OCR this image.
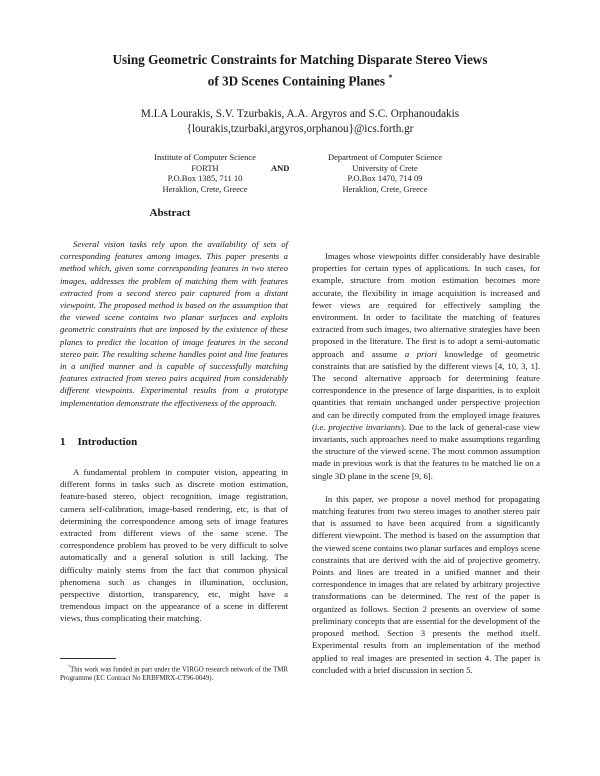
Using Geometric Constraints for Matching Disparate Stereo Views
of 3D Scenes Containing Planes *
M.I.A Lourakis, S.V. Tzurbakis, A.A. Argyros and S.C. Orphanoudakis
{lourakis,tzurbaki,argyros,orphanou}@ics.forth.gr
Institute of Computer Science
FORTH
P.O.Box 1385, 711 10
Heraklion, Crete, Greece
AND
Department of Computer Science
University of Crete
P.O.Box 1470, 714 09
Heraklion, Crete, Greece
Abstract

Several vision tasks rely upon the availability of sets of corresponding features among images. This paper presents a method which, given some corresponding features in two stereo images, addresses the problem of matching them with features extracted from a second stereo pair captured from a distant viewpoint. The proposed method is based on the assumption that the viewed scene contains two planar surfaces and exploits geometric constraints that are imposed by the existence of these planes to predict the location of image features in the second stereo pair. The resulting scheme handles point and line features in a unified manner and is capable of successfully matching features extracted from stereo pairs acquired from considerably different viewpoints. Experimental results from a prototype implementation demonstrate the effectiveness of the approach.

1 Introduction

A fundamental problem in computer vision, appearing in different forms in tasks such as discrete motion estimation, feature-based stereo, object recognition, image registration, camera self-calibration, image-based rendering, etc, is that of determining the correspondence among sets of image features extracted from different views of the same scene. The correspondence problem has proved to be very difficult to solve automatically and a general solution is still lacking. The difficulty mainly stems from the fact that common physical phenomena such as changes in illumination, occlusion, perspective distortion, transparency, etc, might have a tremendous impact on the appearance of a scene in different views, thus complicating their matching.

*This work was funded in part under the VIRGO research network of the TMR Programme (EC Contract No ERBFMRX-CT96-0049).

Images whose viewpoints differ considerably have desirable properties for certain types of applications. In such cases, for example, structure from motion estimation becomes more accurate, the flexibility in image acquisition is increased and fewer views are required for effectively sampling the environment. In order to facilitate the matching of features extracted from such images, two alternative strategies have been proposed in the literature. The first is to adopt a semi-automatic approach and assume a priori knowledge of geometric constraints that are satisfied by the different views [4, 10, 3, 1]. The second alternative approach for determining feature correspondence in the presence of large disparities, is to exploit quantities that remain unchanged under perspective projection and can be directly computed from the employed image features (i.e. projective invariants). Due to the lack of general-case view invariants, such approaches need to make assumptions regarding the structure of the viewed scene. The most common assumption made in previous work is that the features to be matched lie on a single 3D plane in the scene [9, 6].

In this paper, we propose a novel method for propagating matching features from two stereo images to another stereo pair that is assumed to have been acquired from a significantly different viewpoint. The method is based on the assumption that the viewed scene contains two planar surfaces and employs scene constraints that are derived with the aid of projective geometry. Points and lines are treated in a unified manner and their correspondence in images that are related by arbitrary projective transformations can be determined. The rest of the paper is organized as follows. Section 2 presents an overview of some preliminary concepts that are essential for the development of the proposed method. Section 3 presents the method itself. Experimental results from an implementation of the method applied to real images are presented in section 4. The paper is concluded with a brief discussion in section 5.
